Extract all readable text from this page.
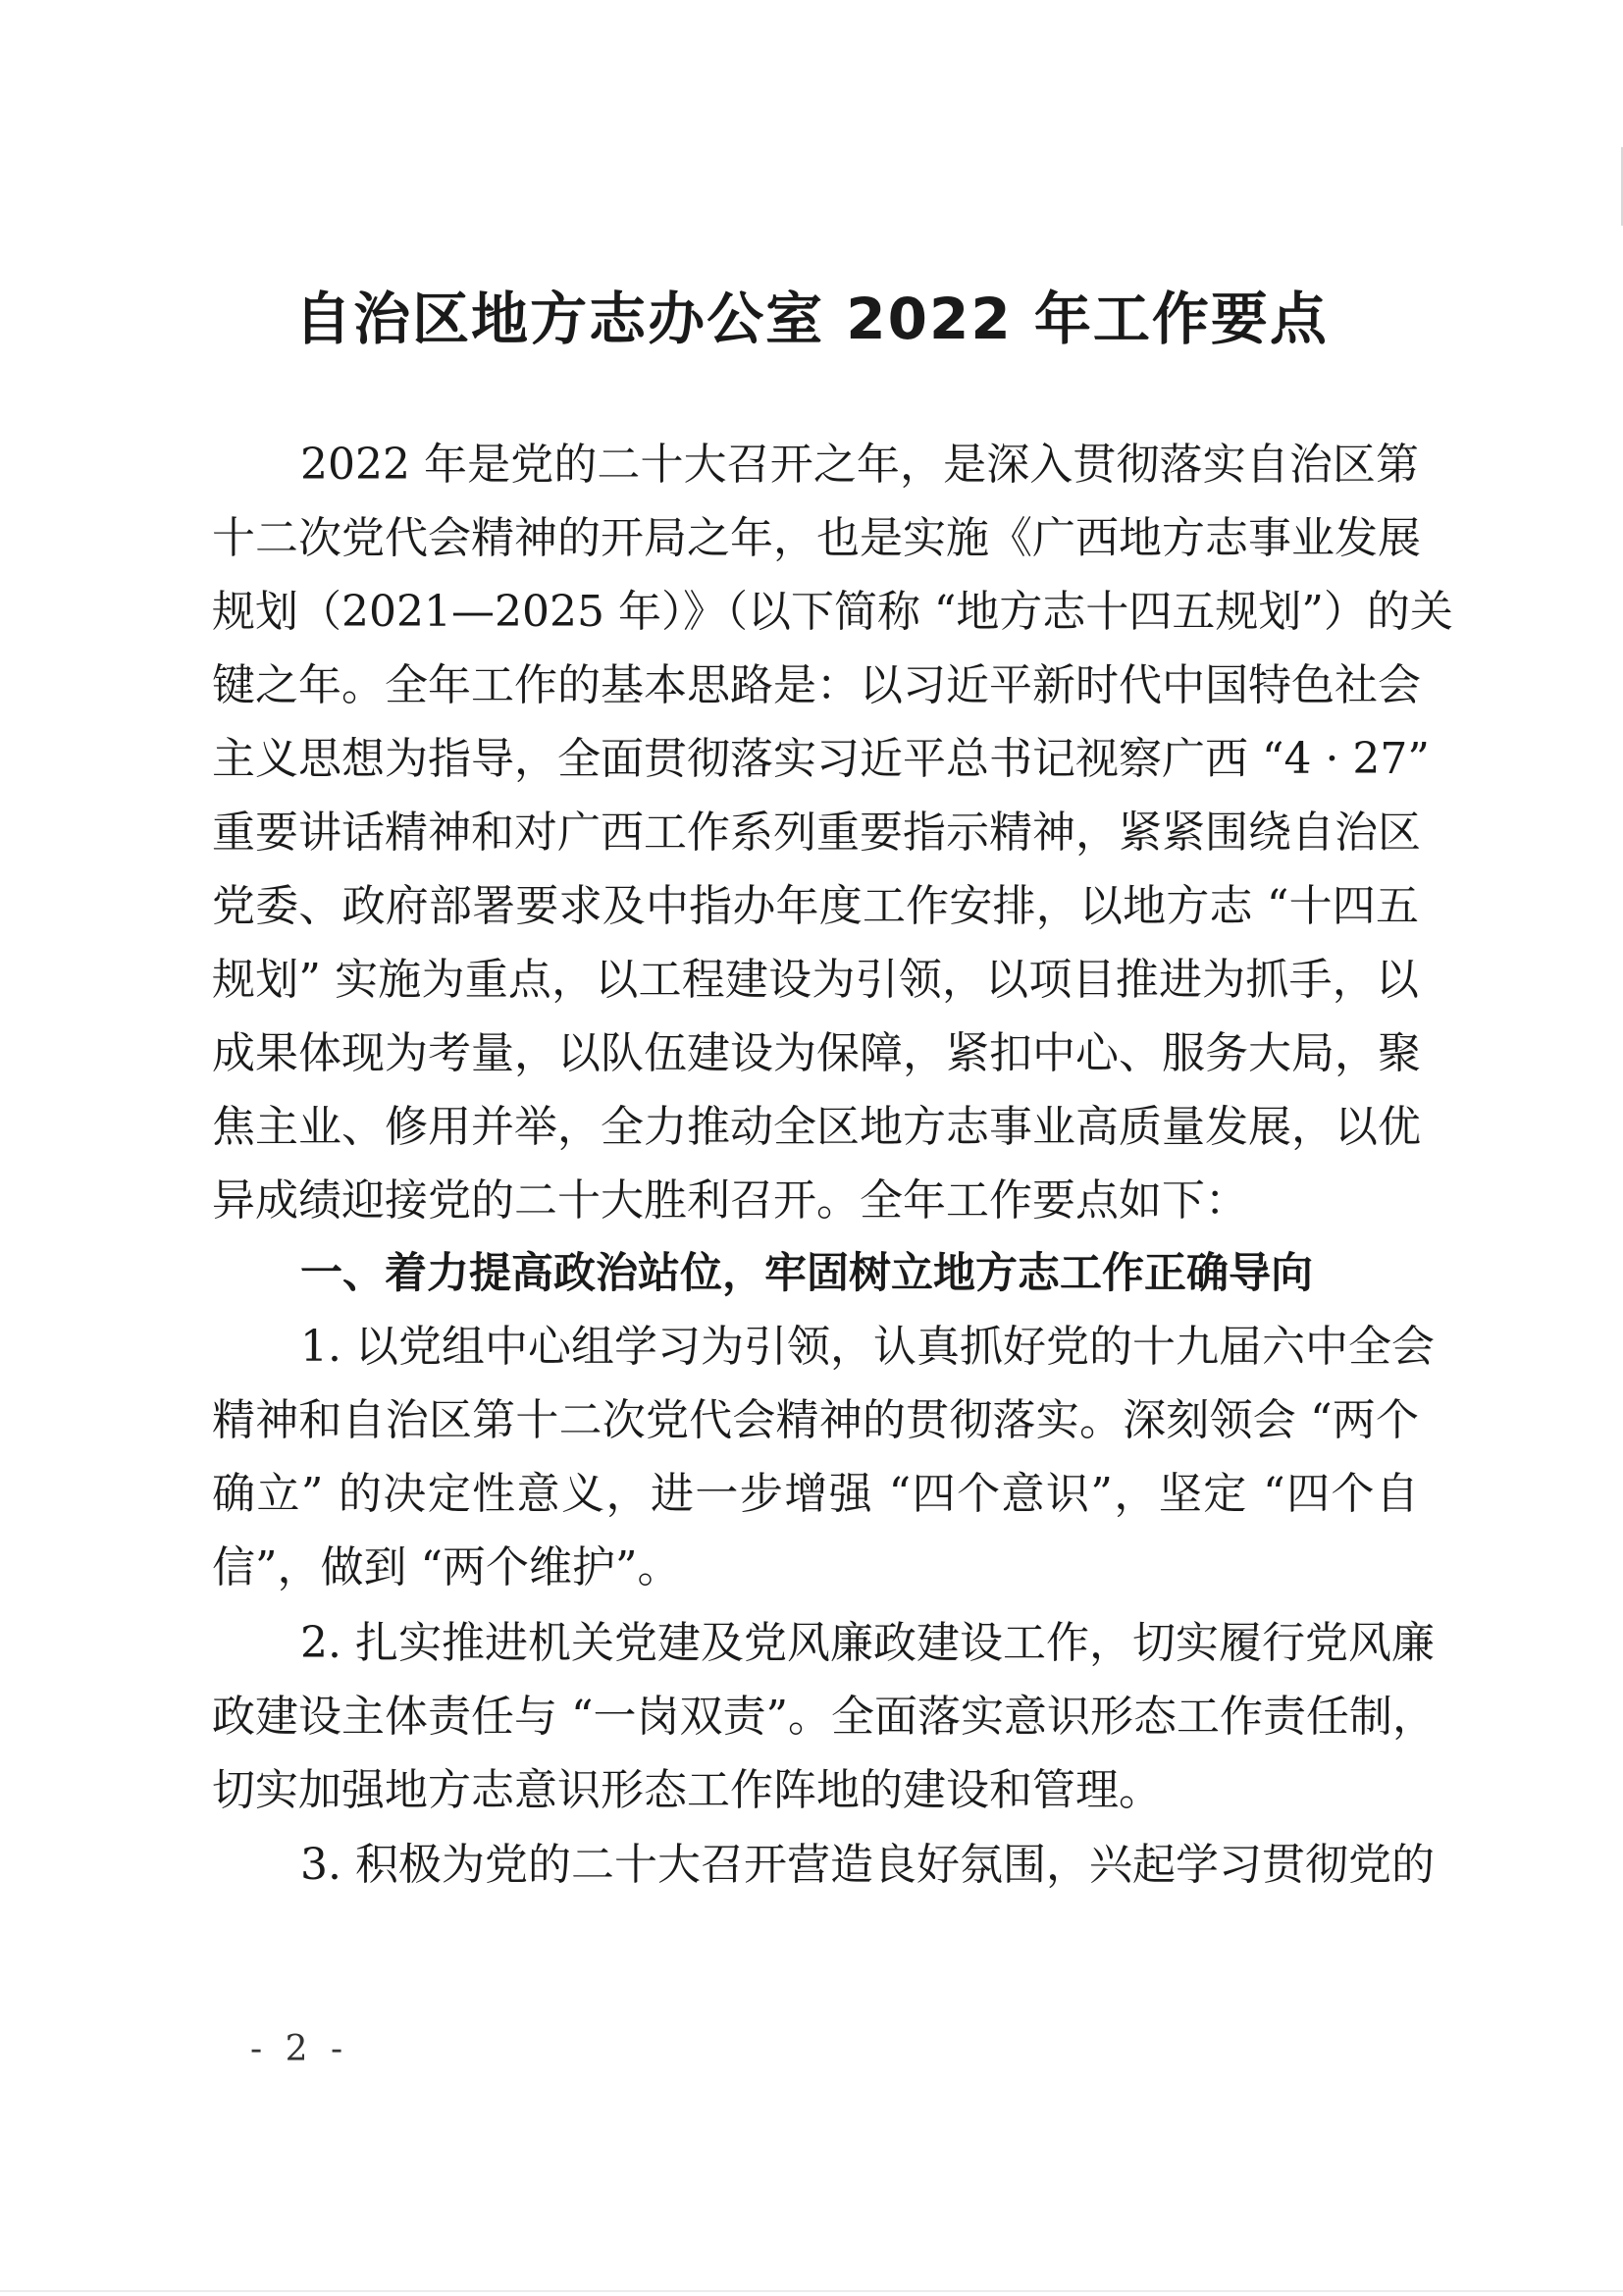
自治区地方志办公室 2022 年工作要点
2022 年是党的二十大召开之年，是深入贯彻落实自治区第
十二次党代会精神的开局之年，也是实施《广西地方志事业发展
规划（2021—2025 年）》（以下简称 “地方志十四五规划”）的关
键之年。全年工作的基本思路是：以习近平新时代中国特色社会
主义思想为指导，全面贯彻落实习近平总书记视察广西 “4 · 27”
重要讲话精神和对广西工作系列重要指示精神，紧紧围绕自治区
党委、政府部署要求及中指办年度工作安排，以地方志 “十四五
规划” 实施为重点，以工程建设为引领，以项目推进为抓手，以
成果体现为考量，以队伍建设为保障，紧扣中心、服务大局，聚
焦主业、修用并举，全力推动全区地方志事业高质量发展，以优
异成绩迎接党的二十大胜利召开。全年工作要点如下：
一、着力提高政治站位，牢固树立地方志工作正确导向
1. 以党组中心组学习为引领，认真抓好党的十九届六中全会
精神和自治区第十二次党代会精神的贯彻落实。深刻领会 “两个
确立” 的决定性意义，进一步增强 “四个意识”，坚定 “四个自
信”，做到 “两个维护”。
2. 扎实推进机关党建及党风廉政建设工作，切实履行党风廉
政建设主体责任与 “一岗双责”。全面落实意识形态工作责任制，
切实加强地方志意识形态工作阵地的建设和管理。
3. 积极为党的二十大召开营造良好氛围，兴起学习贯彻党的
- 2 -
